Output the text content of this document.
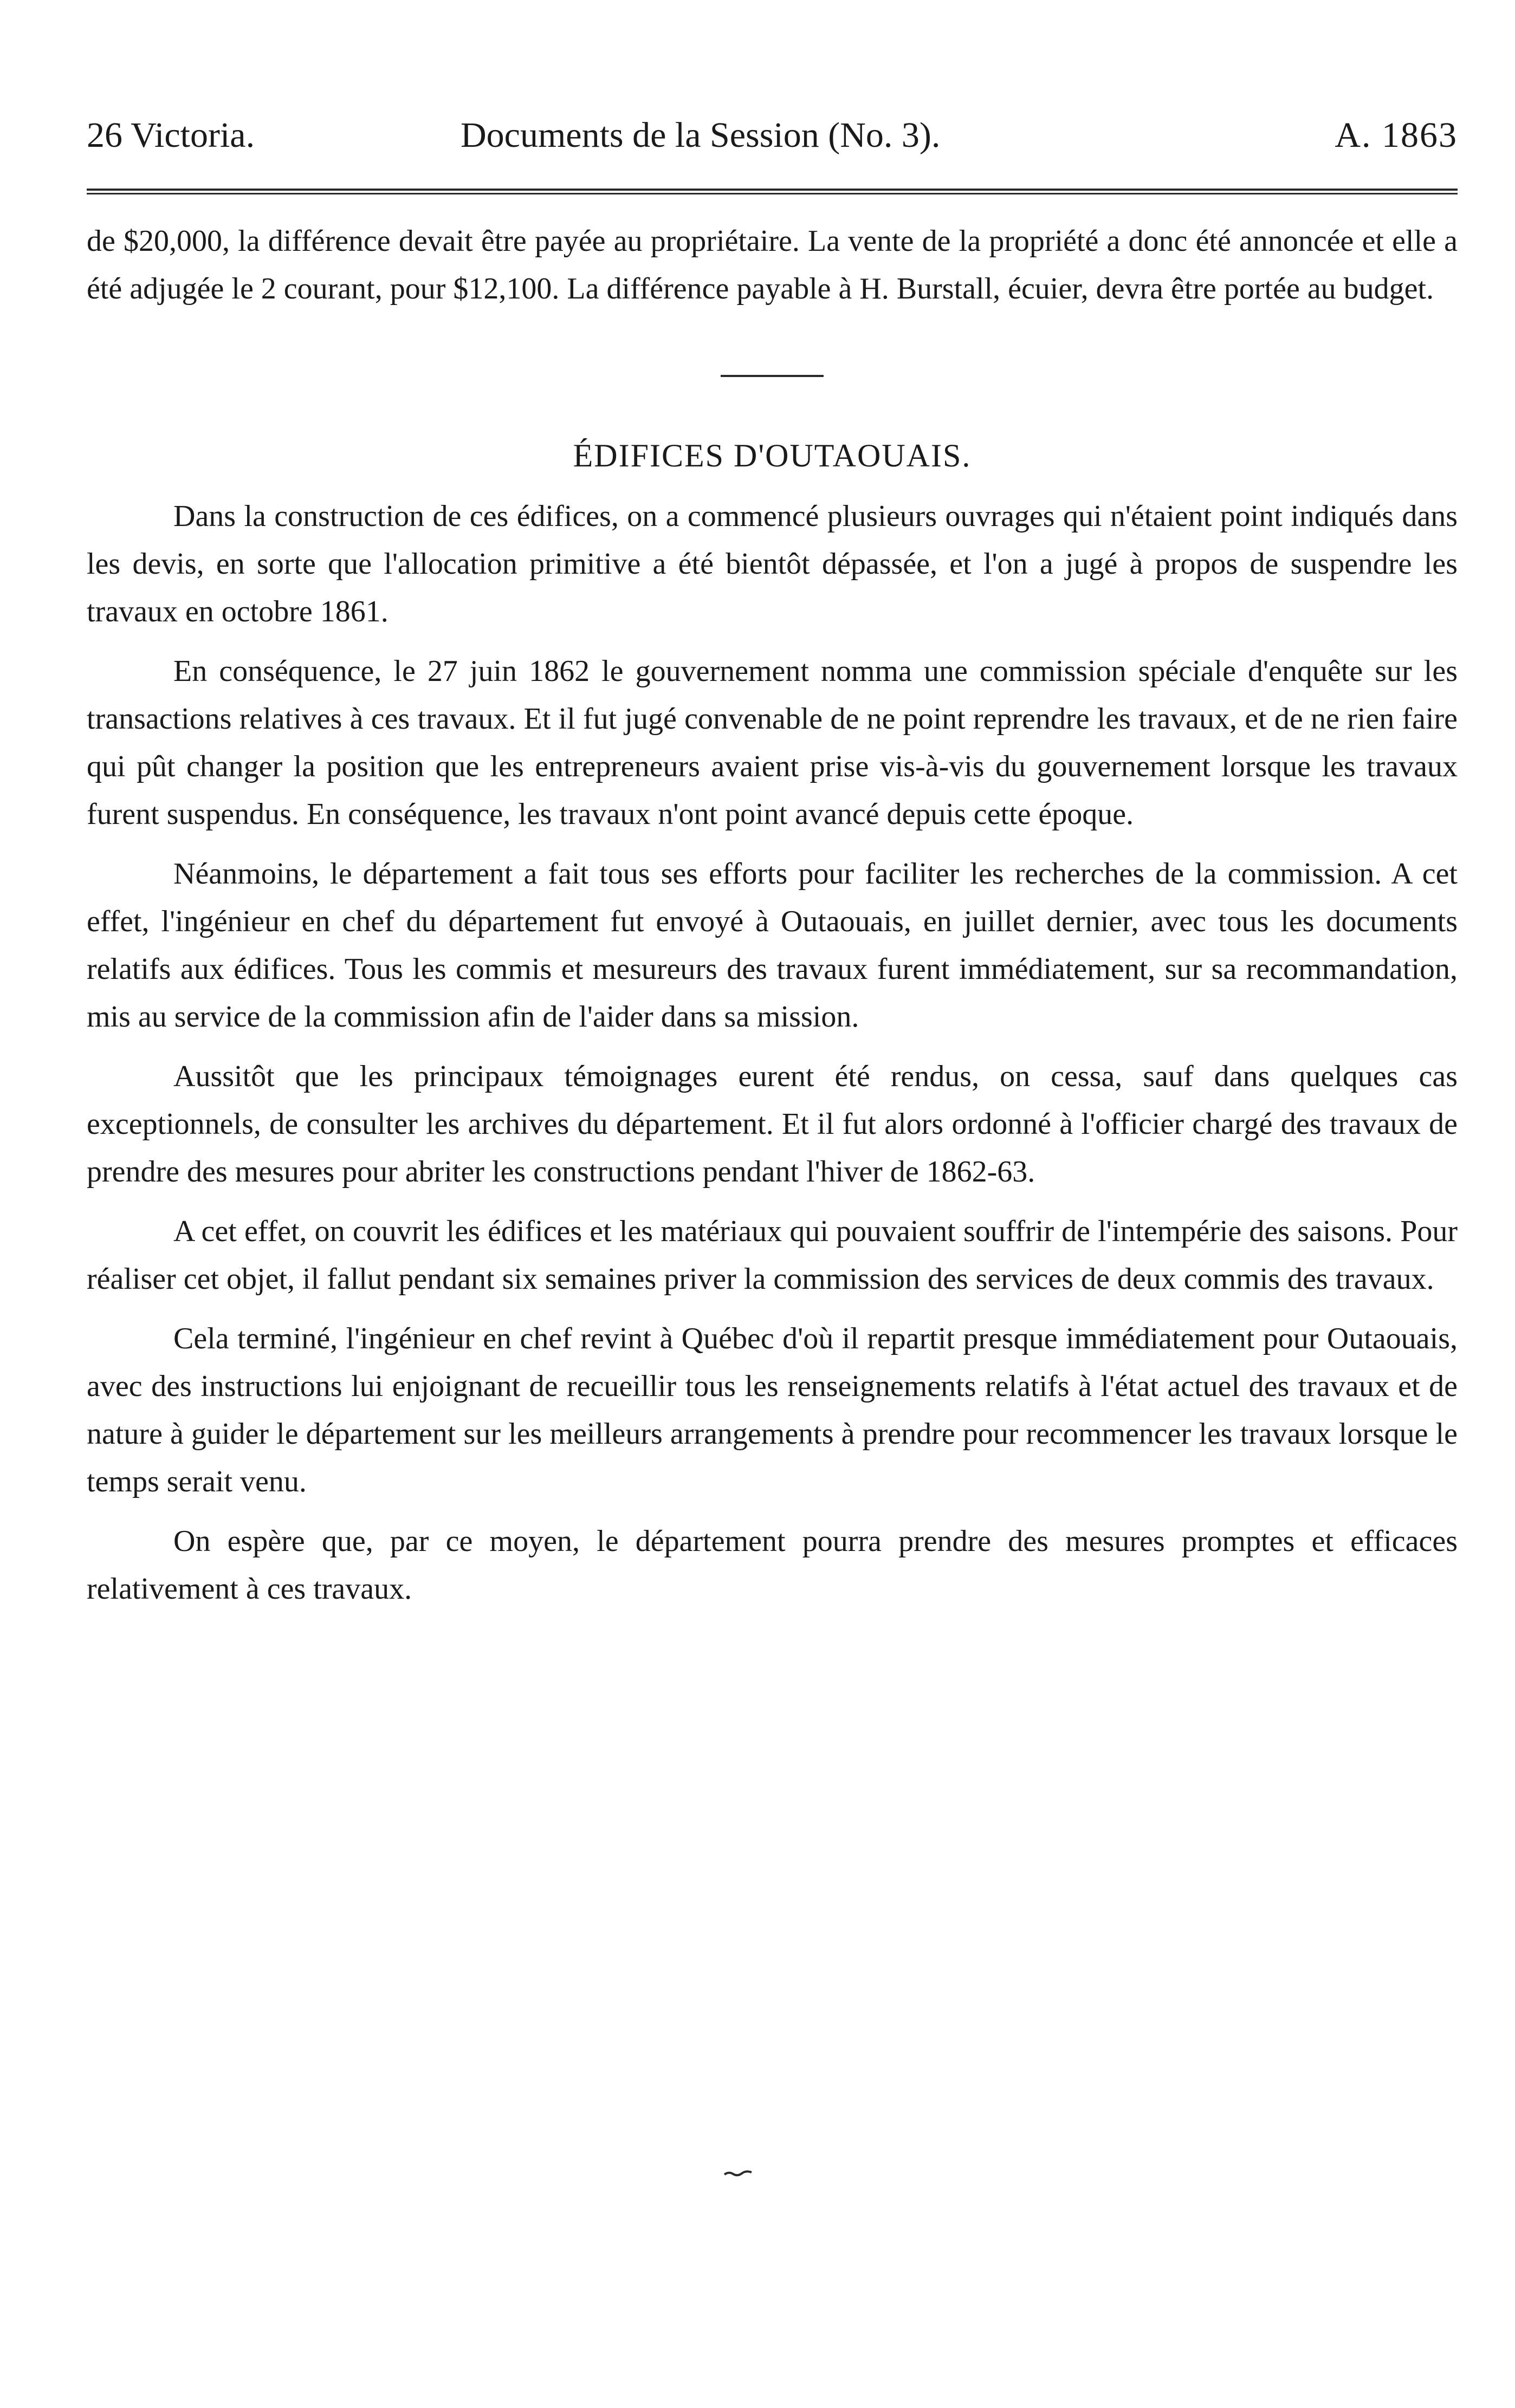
26 Victoria.	Documents de la Session (No. 3).	A. 1863

de $20,000, la différence devait être payée au propriétaire. La vente de la propriété a donc été annoncée et elle a été adjugée le 2 courant, pour $12,100. La différence payable à H. Burstall, écuier, devra être portée au budget.

ÉDIFICES D'OUTAOUAIS.

Dans la construction de ces édifices, on a commencé plusieurs ouvrages qui n'étaient point indiqués dans les devis, en sorte que l'allocation primitive a été bientôt dépassée, et l'on a jugé à propos de suspendre les travaux en octobre 1861.

En conséquence, le 27 juin 1862 le gouvernement nomma une commission spéciale d'enquête sur les transactions relatives à ces travaux. Et il fut jugé convenable de ne point reprendre les travaux, et de ne rien faire qui pût changer la position que les entrepreneurs avaient prise vis-à-vis du gouvernement lorsque les travaux furent suspendus. En conséquence, les travaux n'ont point avancé depuis cette époque.

Néanmoins, le département a fait tous ses efforts pour faciliter les recherches de la commission. A cet effet, l'ingénieur en chef du département fut envoyé à Outaouais, en juillet dernier, avec tous les documents relatifs aux édifices. Tous les commis et mesureurs des travaux furent immédiatement, sur sa recommandation, mis au service de la commission afin de l'aider dans sa mission.

Aussitôt que les principaux témoignages eurent été rendus, on cessa, sauf dans quelques cas exceptionnels, de consulter les archives du département. Et il fut alors ordonné à l'officier chargé des travaux de prendre des mesures pour abriter les constructions pendant l'hiver de 1862-63.

A cet effet, on couvrit les édifices et les matériaux qui pouvaient souffrir de l'intempérie des saisons. Pour réaliser cet objet, il fallut pendant six semaines priver la commission des services de deux commis des travaux.

Cela terminé, l'ingénieur en chef revint à Québec d'où il repartit presque immédiatement pour Outaouais, avec des instructions lui enjoignant de recueillir tous les renseignements relatifs à l'état actuel des travaux et de nature à guider le département sur les meilleurs arrangements à prendre pour recommencer les travaux lorsque le temps serait venu.

On espère que, par ce moyen, le département pourra prendre des mesures promptes et efficaces relativement à ces travaux.
